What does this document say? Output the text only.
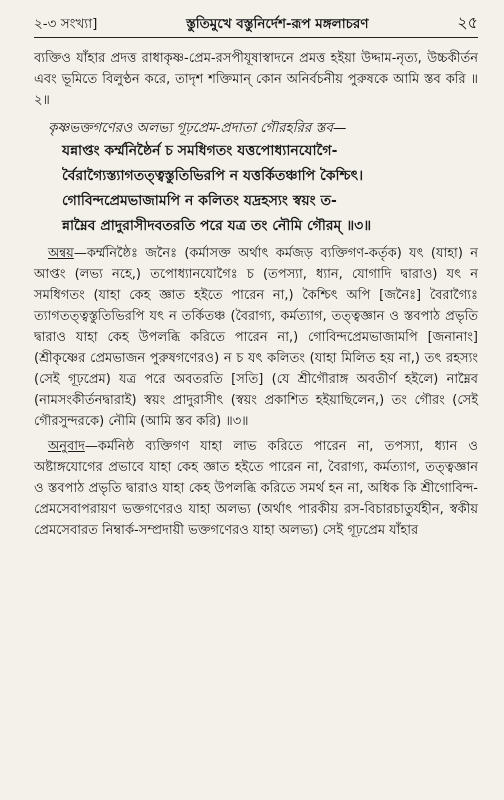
২-৩ সংখ্যা]	স্তুতিমুখে বস্তুনির্দেশ-রূপ মঙ্গলাচরণ	২৫

ব্যক্তিও যাঁহার প্রদত্ত রাধাকৃষ্ণ-প্রেম-রসপীযূষাস্বাদনে প্রমত্ত হইয়া উদ্দাম-নৃত্য, উচ্চকীর্তন এবং ভূমিতে বিলুণ্ঠন করে, তাদৃশ শক্তিমান্ কোন অনির্বচনীয় পুরুষকে আমি স্তব করি ॥২॥

কৃষ্ণভক্তগণেরও অলভ্য গূঢ়প্রেম-প্রদাতা গৌরহরির স্তব—

যন্নাপ্তং কর্ম্মনিষ্ঠৈর্ন চ সমধিগতং যত্তপোধ্যানযোগৈ-

র্বৈরাগ্যৈস্ত্যাগতত্ত্বস্তুতিভিরপি ন যত্তর্কিতঞ্চাপি কৈশ্চিৎ।

গোবিন্দপ্রেমভাজামপি ন কলিতং যদ্রহস্যং স্বয়ং ত-

ন্নাম্নৈব প্রাদুরাসীদবতরতি পরে যত্র তং নৌমি গৌরম্ ॥৩॥

অন্বয়—কর্ম্মনিষ্ঠৈঃ জনৈঃ (কর্মাসক্ত অর্থাৎ কর্মজড় ব্যক্তিগণ-কর্তৃক) যৎ (যাহা) ন আপ্তং (লভ্য নহে,) তপোধ্যানযোগৈঃ চ (তপস্যা, ধ্যান, যোগাদি দ্বারাও) যৎ ন সমধিগতং (যাহা কেহ জ্ঞাত হইতে পারেন না,) কৈশ্চিৎ অপি [জনৈঃ] বৈরাগ্যৈঃ ত্যাগতত্ত্বস্তুতিভিরপি যৎ ন তর্কিতঞ্চ (বৈরাগ্য, কর্মত্যাগ, তত্ত্বজ্ঞান ও স্তবপাঠ প্রভৃতি দ্বারাও যাহা কেহ উপলব্ধি করিতে পারেন না,) গোবিন্দপ্রেমভাজামপি [জনানাং] (শ্রীকৃষ্ণের প্রেমভাজন পুরুষগণেরও) ন চ যৎ কলিতং (যাহা মিলিত হয় না,) তৎ রহস্যং (সেই গূঢ়প্রেম) যত্র পরে অবতরতি [সতি] (যে শ্রীগৌরাঙ্গ অবতীর্ণ হইলে) নাম্নৈব (নামসংকীর্তনদ্বারাই) স্বয়ং প্রাদুরাসীৎ (স্বয়ং প্রকাশিত হইয়াছিলেন,) তং গৌরং (সেই গৌরসুন্দরকে) নৌমি (আমি স্তব করি) ॥৩॥

অনুবাদ—কর্মনিষ্ঠ ব্যক্তিগণ যাহা লাভ করিতে পারেন না, তপস্যা, ধ্যান ও অষ্টাঙ্গযোগের প্রভাবে যাহা কেহ জ্ঞাত হইতে পারেন না, বৈরাগ্য, কর্মত্যাগ, তত্ত্বজ্ঞান ও স্তবপাঠ প্রভৃতি দ্বারাও যাহা কেহ উপলব্ধি করিতে সমর্থ হন না, অধিক কি শ্রীগোবিন্দ-প্রেমসেবাপরায়ণ ভক্তগণেরও যাহা অলভ্য (অর্থাৎ পারকীয় রস-বিচারচাতুর্যহীন, স্বকীয় প্রেমসেবারত নিম্বার্ক-সম্প্রদায়ী ভক্তগণেরও যাহা অলভ্য) সেই গূঢ়প্রেম যাঁহার
